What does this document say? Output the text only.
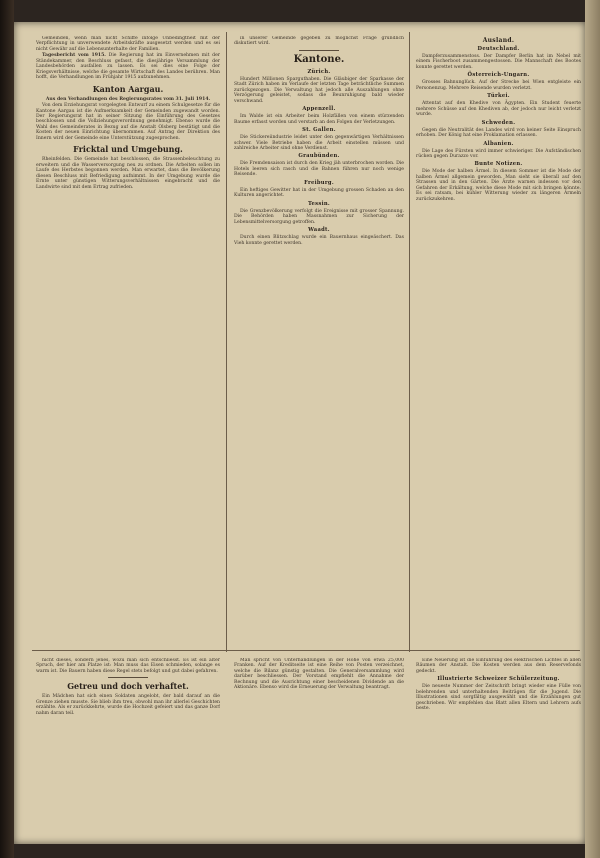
Gemeinden, wenn man nicht Schiffe infolge Unbedingtheit mit der Verpflichtung in unverwendete Arbeitskräfte ausgesetzt werden und es sei nicht Gewähr auf die Lebensunterhalte der Familien.

Tagesbericht vom 1915. Die Regierung hat im Einvernehmen mit der Ständekammer, den Beschluss gefasst, die diesjährige Versammlung der Landesbehörden ausfallen zu lassen. Es sei dies eine Folge der Kriegsverhältnisse, welche die gesamte Wirtschaft des Landes berühren. Man hofft, die Verhandlungen im Frühjahr 1915 aufzunehmen.

Kanton Aargau.

Aus den Verhandlungen des Regierungsrates vom 31. Juli 1914.

Von dem Erziehungsrat vorgelegten Entwurf zu einem Schulgesetze für die Kantone Aargau ist die Aufmerksamkeit der Gemeinden zugewandt worden. Der Regierungsrat hat in seiner Sitzung die Einführung des Gesetzes beschlossen und die Vollziehungsverordnung genehmigt. Ebenso wurde die Wahl des Gemeinderates in Bezug auf die Anstalt Olsberg bestätigt und die Kosten der neuen Einrichtung übernommen. Auf Antrag der Direktion des Innern wird der Gemeinde eine Unterstützung zugesprochen.

Fricktal und Umgebung.

Rheinfelden. Die Gemeinde hat beschlossen, die Strassenbeleuchtung zu erweitern und die Wasserversorgung neu zu ordnen. Die Arbeiten sollen im Laufe des Herbstes begonnen werden. Man erwartet, dass die Bevölkerung diesen Beschluss mit Befriedigung aufnimmt. In der Umgebung wurde die Ernte unter günstigen Witterungsverhältnissen eingebracht und die Landwirte sind mit dem Ertrag zufrieden.

in unserer Gemeinde gegeben zu möglichst Frage gründlich diskutiert wird.

Kantone.
Zürich.

Hundert Millionen Sparguthaben. Die Gläubiger der Sparkasse der Stadt Zürich haben im Verlaufe der letzten Tage beträchtliche Summen zurückgezogen. Die Verwaltung hat jedoch alle Auszahlungen ohne Verzögerung geleistet, sodass die Beunruhigung bald wieder verschwand.

Appenzell.

Im Walde ist ein Arbeiter beim Holzfällen von einem stürzenden Baume erfasst worden und verstarb an den Folgen der Verletzungen.

St. Gallen.

Die Stickereiindustrie leidet unter den gegenwärtigen Verhältnissen schwer. Viele Betriebe haben die Arbeit einstellen müssen und zahlreiche Arbeiter sind ohne Verdienst.

Graubünden.

Die Fremdensaison ist durch den Krieg jäh unterbrochen worden. Die Hotels leeren sich rasch und die Bahnen führen nur noch wenige Reisende.

Freiburg.

Ein heftiges Gewitter hat in der Umgebung grossen Schaden an den Kulturen angerichtet.

Tessin.

Die Grenzbevölkerung verfolgt die Ereignisse mit grosser Spannung. Die Behörden haben Massnahmen zur Sicherung der Lebensmittelversorgung getroffen.

Waadt.

Durch einen Blitzschlag wurde ein Bauernhaus eingeäschert. Das Vieh konnte gerettet werden.

Ausland.
Deutschland.

Dampferzusammenstoss. Der Dampfer Berlin hat im Nebel mit einem Fischerboot zusammengestossen. Die Mannschaft des Bootes konnte gerettet werden.

Österreich-Ungarn.

Grosses Bahnunglück. Auf der Strecke bei Wien entgleiste ein Personenzug. Mehrere Reisende wurden verletzt.

Türkei.

Attentat auf den Khedive von Ägypten. Ein Student feuerte mehrere Schüsse auf den Khediven ab, der jedoch nur leicht verletzt wurde.

Schweden.

Gegen die Neutralität des Landes wird von keiner Seite Einspruch erhoben. Der König hat eine Proklamation erlassen.

Albanien.

Die Lage des Fürsten wird immer schwieriger. Die Aufständischen rücken gegen Durazzo vor.

Bunte Notizen.

Die Mode der halben Ärmel. In diesem Sommer ist die Mode der halben Ärmel allgemein geworden. Man sieht sie überall auf den Strassen und in den Gärten. Die Ärzte warnen indessen vor den Gefahren der Erkältung, welche diese Mode mit sich bringen könnte. Es sei ratsam, bei kühler Witterung wieder zu längeren Ärmeln zurückzukehren.

nicht dieses, sondern jenes, wozu man sich entschliesst. Es ist ein alter Spruch, der hier am Platze ist: Man muss das Eisen schmieden, solange es warm ist. Die Bauern haben diese Regel stets befolgt und gut dabei gefahren.

Getreu und doch verhaftet.

Ein Mädchen hat sich einen Soldaten angelobt, der bald darauf an die Grenze ziehen musste. Sie blieb ihm treu, obwohl man ihr allerlei Geschichten erzählte. Als er zurückkehrte, wurde die Hochzeit gefeiert und das ganze Dorf nahm daran teil.

Man spricht von Unterhandlungen in der Höhe von etwa 25,000 Franken. Auf der Kreditseite ist eine Reihe von Posten verzeichnet, welche die Bilanz günstig gestalten. Die Generalversammlung wird darüber beschliessen. Der Vorstand empfiehlt die Annahme der Rechnung und die Ausrichtung einer bescheidenen Dividende an die Aktionäre. Ebenso wird die Erneuerung der Verwaltung beantragt.

Eine Neuerung ist die Einführung des elektrischen Lichtes in allen Räumen der Anstalt. Die Kosten werden aus dem Reservefonds gedeckt.

Illustrierte Schweizer Schülerzeitung.

Die neueste Nummer der Zeitschrift bringt wieder eine Fülle von belehrenden und unterhaltenden Beiträgen für die Jugend. Die Illustrationen sind sorgfältig ausgewählt und die Erzählungen gut geschrieben. Wir empfehlen das Blatt allen Eltern und Lehrern aufs beste.
